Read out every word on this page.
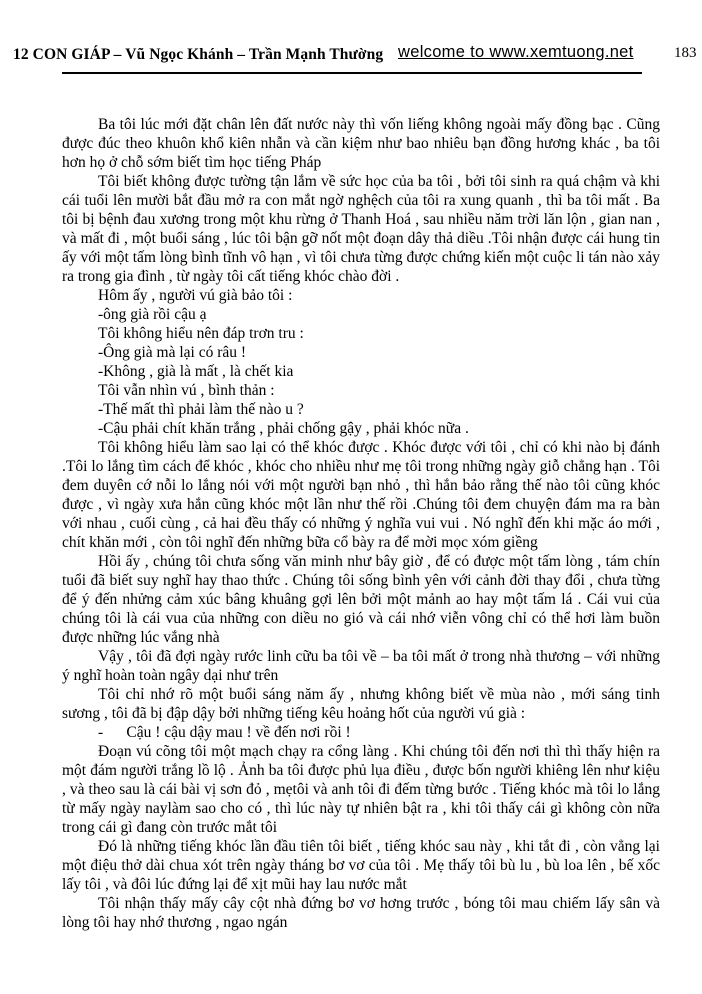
12 CON GIÁP – Vũ Ngọc Khánh – Trần Mạnh Thường welcome to www.xemtuong.net	183

Ba tôi lúc mới đặt chân lên đất nước này thì vốn liếng không ngoài mấy đồng bạc . Cũng được đúc theo khuôn khổ kiên nhẫn và cần kiệm như bao nhiêu bạn đồng hương khác , ba tôi hơn họ ở chỗ sớm biết tìm học tiếng Pháp

Tôi biết không được tường tận lắm về sức học của ba tôi , bởi tôi sinh ra quá chậm và khi cái tuổi lên mười bắt đầu mở ra con mắt ngờ nghệch của tôi ra xung quanh , thì ba tôi mất . Ba tôi bị bệnh đau xương trong một khu rừng ở Thanh Hoá , sau nhiều năm trời lăn lộn , gian nan , và mất đi , một buổi sáng , lúc tôi bận gỡ nốt một đoạn dây thả diều .Tôi nhận được cái hung tin ấy với một tấm lòng bình tĩnh vô hạn , vì tôi chưa từng được chứng kiến một cuộc li tán nào xảy ra trong gia đình , từ ngày tôi cất tiếng khóc chào đời .

Hôm ấy , người vú già bảo tôi :

-ông già rồi cậu ạ

Tôi không hiểu nên đáp trơn tru :

-Ông già mà lại có râu !

-Không , già là mất , là chết kia

Tôi vẫn nhìn vú , bình thản :

-Thế mất thì phải làm thế nào u ?

-Cậu phải chít khăn trắng , phải chống gậy , phải khóc nữa .

Tôi không hiểu làm sao lại có thể khóc được . Khóc được với tôi , chỉ có khi nào bị đánh .Tôi lo lắng tìm cách để khóc , khóc cho nhiều như mẹ tôi trong những ngày giỗ chẳng hạn . Tôi đem duyên cớ nỗi lo lắng nói với một người bạn nhỏ , thì hắn bảo rằng thế nào tôi cũng khóc được , vì ngày xưa hắn cũng khóc một lần như thế rồi .Chúng tôi đem chuyện đám ma ra bàn với nhau , cuối cùng , cả hai đều thấy có những ý nghĩa vui vui . Nó nghĩ đến khi mặc áo mới , chít khăn mới , còn tôi nghĩ đến những bữa cổ bày ra để mời mọc xóm giềng

Hồi ấy , chúng tôi chưa sống văn minh như bây giờ , để có được một tấm lòng , tám chín tuổi đã biết suy nghĩ hay thao thức . Chúng tôi sống bình yên với cảnh đời thay đổi , chưa từng để ý đến nhửng cảm xúc bâng khuâng gợi lên bởi một mảnh ao hay một tấm lá . Cái vui của chúng tôi là cái vua của những con diều no gió và cái nhớ viễn vông chỉ có thể hơi làm buồn được những lúc vắng nhà

Vậy , tôi đã đợi ngày rước linh cữu ba tôi về – ba tôi mất ở trong nhà thương – với những ý nghĩ hoàn toàn ngây dại như trên

Tôi chỉ nhớ rõ một buổi sáng năm ấy , nhưng không biết về mùa nào , mới sáng tinh sương , tôi đã bị đập dậy bởi những tiếng kêu hoảng hốt của người vú già :

-      Cậu ! cậu dậy mau ! về đến nơi rồi !

Đoạn vú cõng tôi một mạch chạy ra cổng làng . Khi chúng tôi đến nơi thì thì thấy hiện ra một đám người trắng lồ lộ . Ảnh ba tôi được phủ lụa điều , được bốn người khiêng lên như kiệu , và theo sau là cái bài vị sơn đỏ , mẹtôi và anh tôi đi đếm từng bước . Tiếng khóc mà tôi lo lắng từ mấy ngày naylàm sao cho có , thì lúc này tự nhiên bật ra , khi tôi thấy cái gì không còn nữa trong cái gì đang còn trước mắt tôi

Đó là những tiếng khóc lần đầu tiên tôi biết , tiếng khóc sau này , khi tắt đi , còn vẳng lại một điệu thở dài chua xót trên ngày tháng bơ vơ của tôi . Mẹ thấy tôi bù lu , bù loa lên , bế xốc lấy tôi , và đôi lúc đứng lại để xịt mũi hay lau nước mắt

Tôi nhận thấy mấy cây cột nhà đứng bơ vơ hơng trước , bóng tôi mau chiếm lấy sân và lòng tôi hay nhớ thương , ngao ngán
